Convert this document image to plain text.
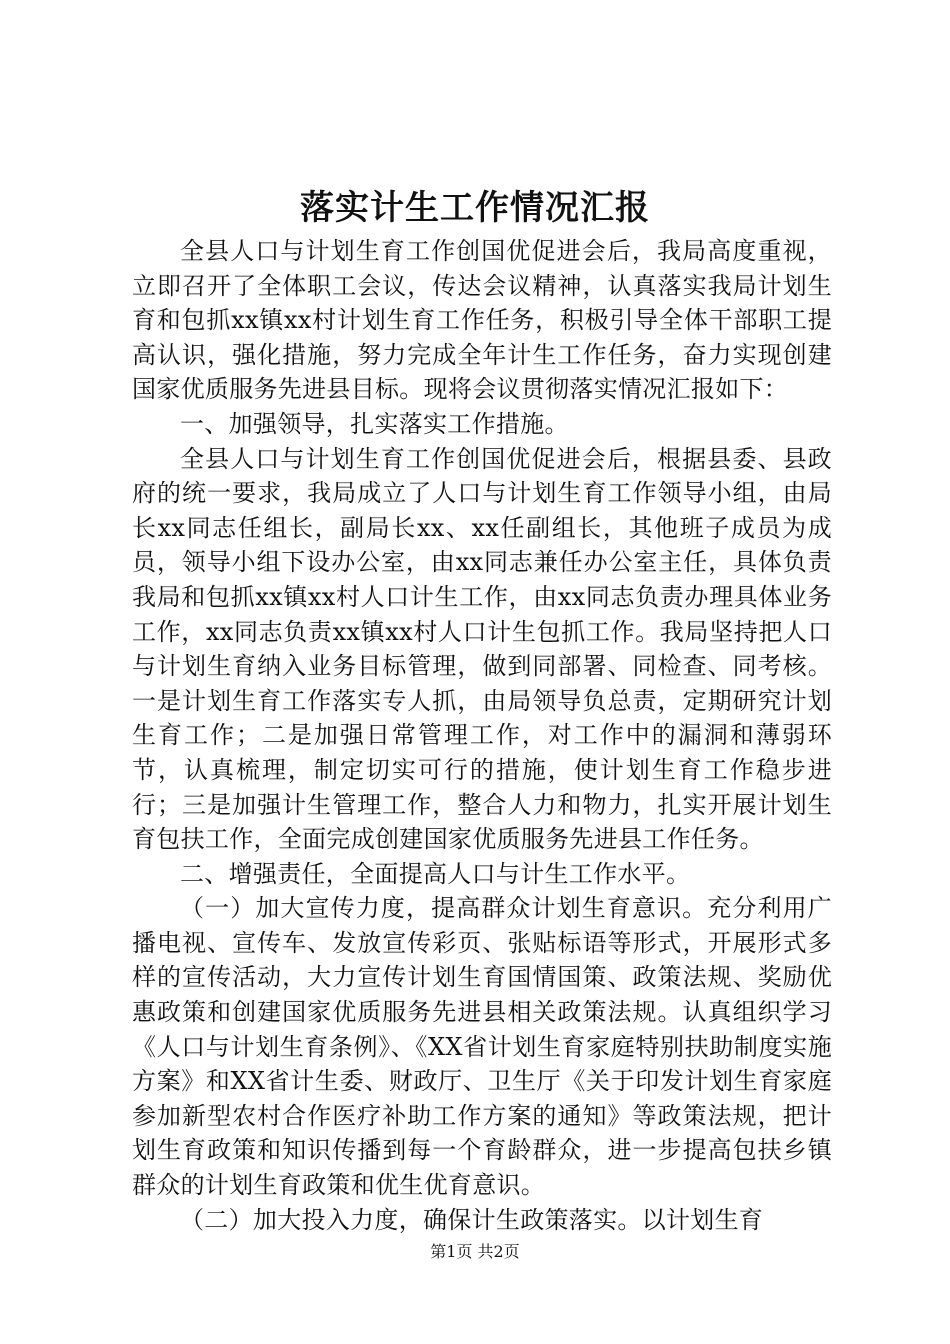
落实计生工作情况汇报

全县人口与计划生育工作创国优促进会后，我局高度重视，立即召开了全体职工会议，传达会议精神，认真落实我局计划生育和包抓xx镇xx村计划生育工作任务，积极引导全体干部职工提高认识，强化措施，努力完成全年计生工作任务，奋力实现创建国家优质服务先进县目标。现将会议贯彻落实情况汇报如下：

一、加强领导，扎实落实工作措施。

全县人口与计划生育工作创国优促进会后，根据县委、县政府的统一要求，我局成立了人口与计划生育工作领导小组，由局长xx同志任组长，副局长xx、xx任副组长，其他班子成员为成员，领导小组下设办公室，由xx同志兼任办公室主任，具体负责我局和包抓xx镇xx村人口计生工作，由xx同志负责办理具体业务工作，xx同志负责xx镇xx村人口计生包抓工作。我局坚持把人口与计划生育纳入业务目标管理，做到同部署、同检查、同考核。一是计划生育工作落实专人抓，由局领导负总责，定期研究计划生育工作；二是加强日常管理工作，对工作中的漏洞和薄弱环节，认真梳理，制定切实可行的措施，使计划生育工作稳步进行；三是加强计生管理工作，整合人力和物力，扎实开展计划生育包扶工作，全面完成创建国家优质服务先进县工作任务。

二、增强责任，全面提高人口与计生工作水平。

（一）加大宣传力度，提高群众计划生育意识。充分利用广播电视、宣传车、发放宣传彩页、张贴标语等形式，开展形式多样的宣传活动，大力宣传计划生育国情国策、政策法规、奖励优惠政策和创建国家优质服务先进县相关政策法规。认真组织学习《人口与计划生育条例》、《XX省计划生育家庭特别扶助制度实施方案》和XX省计生委、财政厅、卫生厅《关于印发计划生育家庭参加新型农村合作医疗补助工作方案的通知》等政策法规，把计划生育政策和知识传播到每一个育龄群众，进一步提高包扶乡镇群众的计划生育政策和优生优育意识。

（二）加大投入力度，确保计生政策落实。以计划生育

第1页 共2页
